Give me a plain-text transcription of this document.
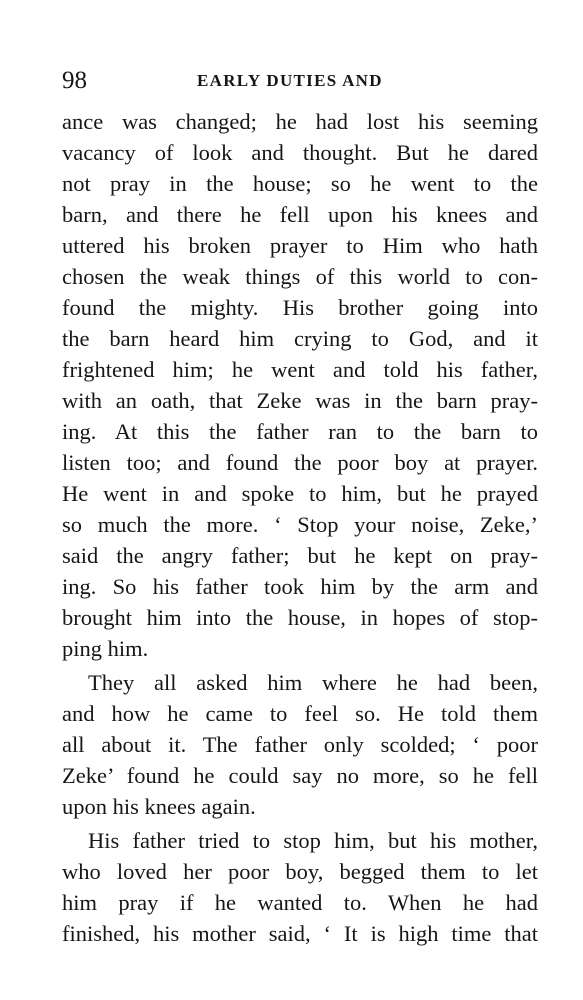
98	EARLY DUTIES AND
ance was changed; he had lost his seeming
vacancy of look and thought. But he dared
not pray in the house; so he went to the
barn, and there he fell upon his knees and
uttered his broken prayer to Him who hath
chosen the weak things of this world to con-
found the mighty. His brother going into
the barn heard him crying to God, and it
frightened him; he went and told his father,
with an oath, that Zeke was in the barn pray-
ing. At this the father ran to the barn to
listen too; and found the poor boy at prayer.
He went in and spoke to him, but he prayed
so much the more. ‘ Stop your noise, Zeke,’
said the angry father; but he kept on pray-
ing. So his father took him by the arm and
brought him into the house, in hopes of stop-
ping him.
They all asked him where he had been,
and how he came to feel so. He told them
all about it. The father only scolded; ‘ poor
Zeke’ found he could say no more, so he fell
upon his knees again.
His father tried to stop him, but his mother,
who loved her poor boy, begged them to let
him pray if he wanted to. When he had
finished, his mother said, ‘ It is high time that
